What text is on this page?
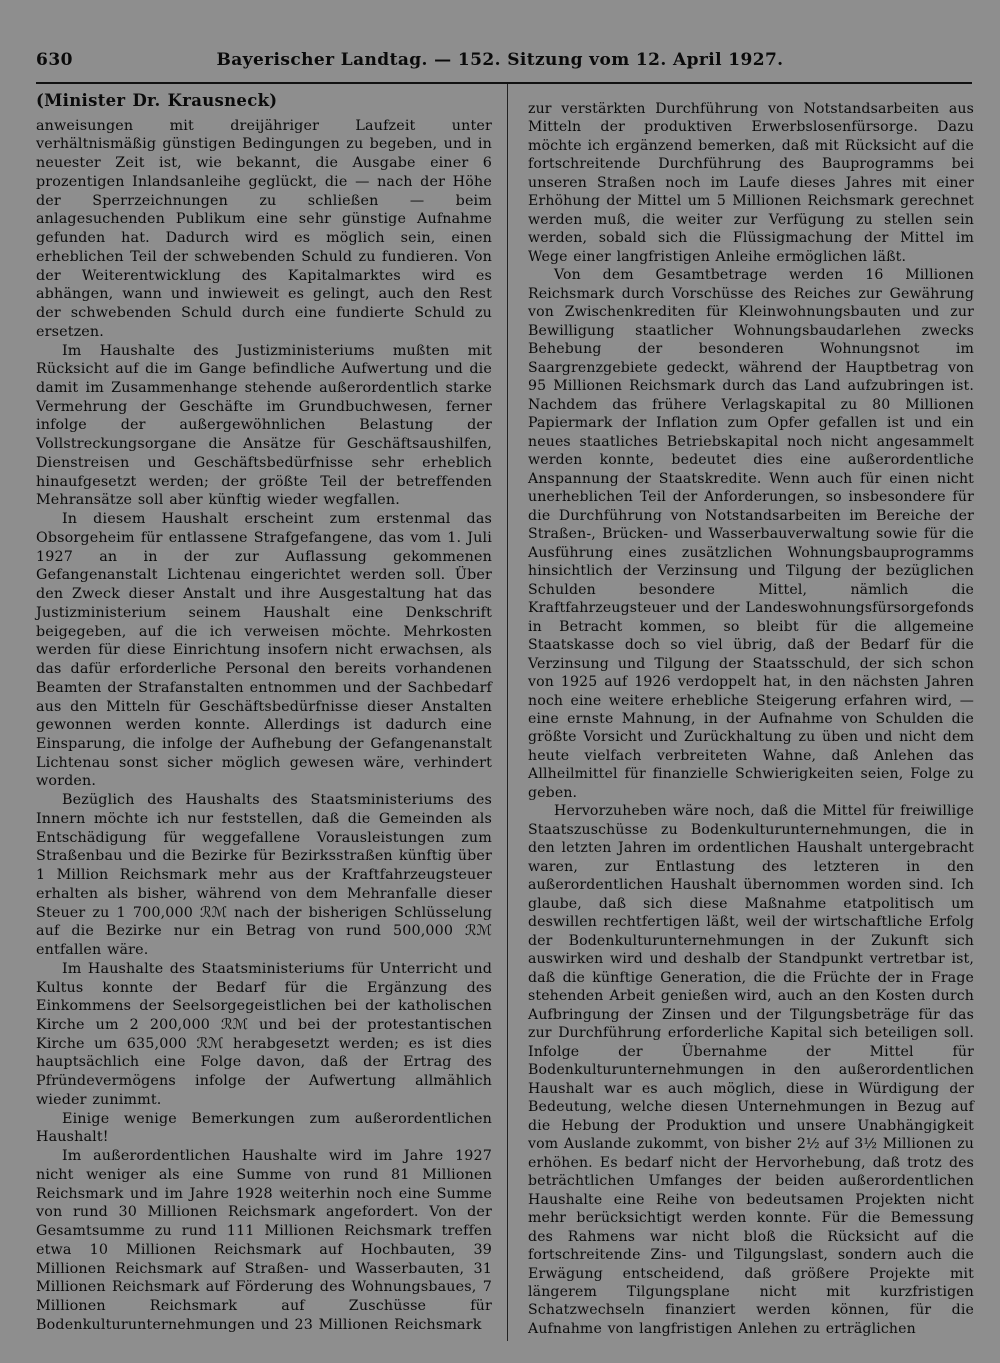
630	Bayerischer Landtag. — 152. Sitzung vom 12. April 1927.
(Minister Dr. Krausneck)

anweisungen mit dreijähriger Laufzeit unter verhältnismäßig günstigen Bedingungen zu begeben, und in neuester Zeit ist, wie bekannt, die Ausgabe einer 6 prozentigen Inlandsanleihe geglückt, die — nach der Höhe der Sperrzeichnungen zu schließen — beim anlagesuchenden Publikum eine sehr günstige Aufnahme gefunden hat. Dadurch wird es möglich sein, einen erheblichen Teil der schwebenden Schuld zu fundieren. Von der Weiterentwicklung des Kapitalmarktes wird es abhängen, wann und inwieweit es gelingt, auch den Rest der schwebenden Schuld durch eine fundierte Schuld zu ersetzen.

Im Haushalte des Justizministeriums mußten mit Rücksicht auf die im Gange befindliche Aufwertung und die damit im Zusammenhange stehende außerordentlich starke Vermehrung der Geschäfte im Grundbuchwesen, ferner infolge der außergewöhnlichen Belastung der Vollstreckungsorgane die Ansätze für Geschäftsaushilfen, Dienstreisen und Geschäftsbedürfnisse sehr erheblich hinaufgesetzt werden; der größte Teil der betreffenden Mehransätze soll aber künftig wieder wegfallen.

In diesem Haushalt erscheint zum erstenmal das Obsorgeheim für entlassene Strafgefangene, das vom 1. Juli 1927 an in der zur Auflassung gekommenen Gefangenanstalt Lichtenau eingerichtet werden soll. Über den Zweck dieser Anstalt und ihre Ausgestaltung hat das Justizministerium seinem Haushalt eine Denkschrift beigegeben, auf die ich verweisen möchte. Mehrkosten werden für diese Einrichtung insofern nicht erwachsen, als das dafür erforderliche Personal den bereits vorhandenen Beamten der Strafanstalten entnommen und der Sachbedarf aus den Mitteln für Geschäftsbedürfnisse dieser Anstalten gewonnen werden konnte. Allerdings ist dadurch eine Einsparung, die infolge der Aufhebung der Gefangenanstalt Lichtenau sonst sicher möglich gewesen wäre, verhindert worden.

Bezüglich des Haushalts des Staatsministeriums des Innern möchte ich nur feststellen, daß die Gemeinden als Entschädigung für weggefallene Vorausleistungen zum Straßenbau und die Bezirke für Bezirksstraßen künftig über 1 Million Reichsmark mehr aus der Kraftfahrzeugsteuer erhalten als bisher, während von dem Mehranfalle dieser Steuer zu 1 700,000 ℛℳ nach der bisherigen Schlüsselung auf die Bezirke nur ein Betrag von rund 500,000 ℛℳ entfallen wäre.

Im Haushalte des Staatsministeriums für Unterricht und Kultus konnte der Bedarf für die Ergänzung des Einkommens der Seelsorgegeistlichen bei der katholischen Kirche um 2 200,000 ℛℳ und bei der protestantischen Kirche um 635,000 ℛℳ herabgesetzt werden; es ist dies hauptsächlich eine Folge davon, daß der Ertrag des Pfründevermögens infolge der Aufwertung allmählich wieder zunimmt.

Einige wenige Bemerkungen zum außerordentlichen Haushalt!

Im außerordentlichen Haushalte wird im Jahre 1927 nicht weniger als eine Summe von rund 81 Millionen Reichsmark und im Jahre 1928 weiterhin noch eine Summe von rund 30 Millionen Reichsmark angefordert. Von der Gesamtsumme zu rund 111 Millionen Reichsmark treffen etwa 10 Millionen Reichsmark auf Hochbauten, 39 Millionen Reichsmark auf Straßen- und Wasserbauten, 31 Millionen Reichsmark auf Förderung des Wohnungsbaues, 7 Millionen Reichsmark auf Zuschüsse für Bodenkulturunternehmungen und 23 Millionen Reichsmark

zur verstärkten Durchführung von Notstandsarbeiten aus Mitteln der produktiven Erwerbslosenfürsorge. Dazu möchte ich ergänzend bemerken, daß mit Rücksicht auf die fortschreitende Durchführung des Bauprogramms bei unseren Straßen noch im Laufe dieses Jahres mit einer Erhöhung der Mittel um 5 Millionen Reichsmark gerechnet werden muß, die weiter zur Verfügung zu stellen sein werden, sobald sich die Flüssigmachung der Mittel im Wege einer langfristigen Anleihe ermöglichen läßt.

Von dem Gesamtbetrage werden 16 Millionen Reichsmark durch Vorschüsse des Reiches zur Gewährung von Zwischenkrediten für Kleinwohnungsbauten und zur Bewilligung staatlicher Wohnungsbaudarlehen zwecks Behebung der besonderen Wohnungsnot im Saargrenzgebiete gedeckt, während der Hauptbetrag von 95 Millionen Reichsmark durch das Land aufzubringen ist. Nachdem das frühere Verlagskapital zu 80 Millionen Papiermark der Inflation zum Opfer gefallen ist und ein neues staatliches Betriebskapital noch nicht angesammelt werden konnte, bedeutet dies eine außerordentliche Anspannung der Staatskredite. Wenn auch für einen nicht unerheblichen Teil der Anforderungen, so insbesondere für die Durchführung von Notstandsarbeiten im Bereiche der Straßen-, Brücken- und Wasserbauverwaltung sowie für die Ausführung eines zusätzlichen Wohnungsbauprogramms hinsichtlich der Verzinsung und Tilgung der bezüglichen Schulden besondere Mittel, nämlich die Kraftfahrzeugsteuer und der Landeswohnungsfürsorgefonds in Betracht kommen, so bleibt für die allgemeine Staatskasse doch so viel übrig, daß der Bedarf für die Verzinsung und Tilgung der Staatsschuld, der sich schon von 1925 auf 1926 verdoppelt hat, in den nächsten Jahren noch eine weitere erhebliche Steigerung erfahren wird, — eine ernste Mahnung, in der Aufnahme von Schulden die größte Vorsicht und Zurückhaltung zu üben und nicht dem heute vielfach verbreiteten Wahne, daß Anlehen das Allheilmittel für finanzielle Schwierigkeiten seien, Folge zu geben.

Hervorzuheben wäre noch, daß die Mittel für freiwillige Staatszuschüsse zu Bodenkulturunternehmungen, die in den letzten Jahren im ordentlichen Haushalt untergebracht waren, zur Entlastung des letzteren in den außerordentlichen Haushalt übernommen worden sind. Ich glaube, daß sich diese Maßnahme etatpolitisch um deswillen rechtfertigen läßt, weil der wirtschaftliche Erfolg der Bodenkulturunternehmungen in der Zukunft sich auswirken wird und deshalb der Standpunkt vertretbar ist, daß die künftige Generation, die die Früchte der in Frage stehenden Arbeit genießen wird, auch an den Kosten durch Aufbringung der Zinsen und der Tilgungsbeträge für das zur Durchführung erforderliche Kapital sich beteiligen soll. Infolge der Übernahme der Mittel für Bodenkulturunternehmungen in den außerordentlichen Haushalt war es auch möglich, diese in Würdigung der Bedeutung, welche diesen Unternehmungen in Bezug auf die Hebung der Produktion und unsere Unabhängigkeit vom Auslande zukommt, von bisher 2½ auf 3½ Millionen zu erhöhen. Es bedarf nicht der Hervorhebung, daß trotz des beträchtlichen Umfanges der beiden außerordentlichen Haushalte eine Reihe von bedeutsamen Projekten nicht mehr berücksichtigt werden konnte. Für die Bemessung des Rahmens war nicht bloß die Rücksicht auf die fortschreitende Zins- und Tilgungslast, sondern auch die Erwägung entscheidend, daß größere Projekte mit längerem Tilgungsplane nicht mit kurzfristigen Schatzwechseln finanziert werden können, für die Aufnahme von langfristigen Anlehen zu erträglichen
